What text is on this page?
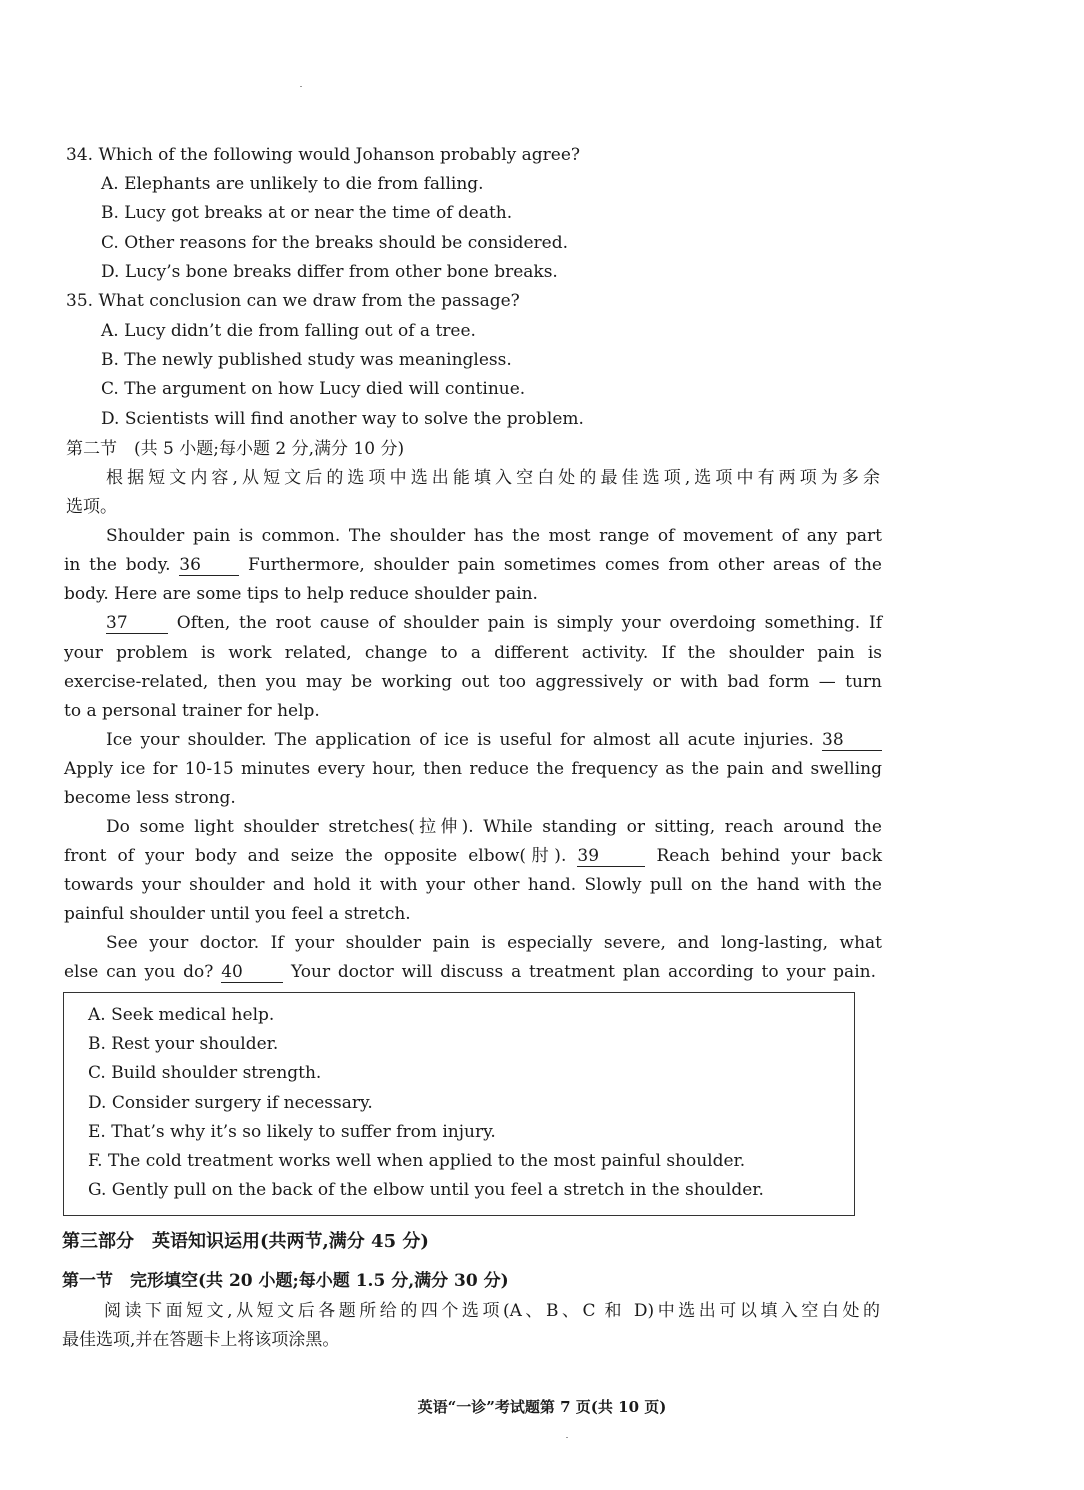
34. Which of the following would Johanson probably agree?
A. Elephants are unlikely to die from falling.
B. Lucy got breaks at or near the time of death.
C. Other reasons for the breaks should be considered.
D. Lucy’s bone breaks differ from other bone breaks.
35. What conclusion can we draw from the passage?
A. Lucy didn’t die from falling out of a tree.
B. The newly published study was meaningless.
C. The argument on how Lucy died will continue.
D. Scientists will find another way to solve the problem.
第二节　(共 5 小题;每小题 2 分,满分 10 分)
根据短文内容,从短文后的选项中选出能填入空白处的最佳选项,选项中有两项为多余
选项。
Shoulder pain is common. The shoulder has the most range of movement of any part
in the body. 36	Furthermore, shoulder pain sometimes comes from other areas of the
body. Here are some tips to help reduce shoulder pain.
37	Often, the root cause of shoulder pain is simply your overdoing something. If
your problem is work related, change to a different activity. If the shoulder pain is
exercise-related, then you may be working out too aggressively or with bad form — turn
to a personal trainer for help.
Ice your shoulder. The application of ice is useful for almost all acute injuries. 38
Apply ice for 10-15 minutes every hour, then reduce the frequency as the pain and swelling
become less strong.
Do some light shoulder stretches(拉伸). While standing or sitting, reach around the
front of your body and seize the opposite elbow(肘). 39	Reach behind your back
towards your shoulder and hold it with your other hand. Slowly pull on the hand with the
painful shoulder until you feel a stretch.
See your doctor. If your shoulder pain is especially severe, and long-lasting, what
else can you do? 40	Your doctor will discuss a treatment plan according to your pain.
A. Seek medical help.
B. Rest your shoulder.
C. Build shoulder strength.
D. Consider surgery if necessary.
E. That’s why it’s so likely to suffer from injury.
F. The cold treatment works well when applied to the most painful shoulder.
G. Gently pull on the back of the elbow until you feel a stretch in the shoulder.
第三部分　英语知识运用(共两节,满分 45 分)
第一节　完形填空(共 20 小题;每小题 1.5 分,满分 30 分)
阅读下面短文,从短文后各题所给的四个选项(A、B、C 和 D)中选出可以填入空白处的
最佳选项,并在答题卡上将该项涂黑。
英语“一诊”考试题第 7 页(共 10 页)
